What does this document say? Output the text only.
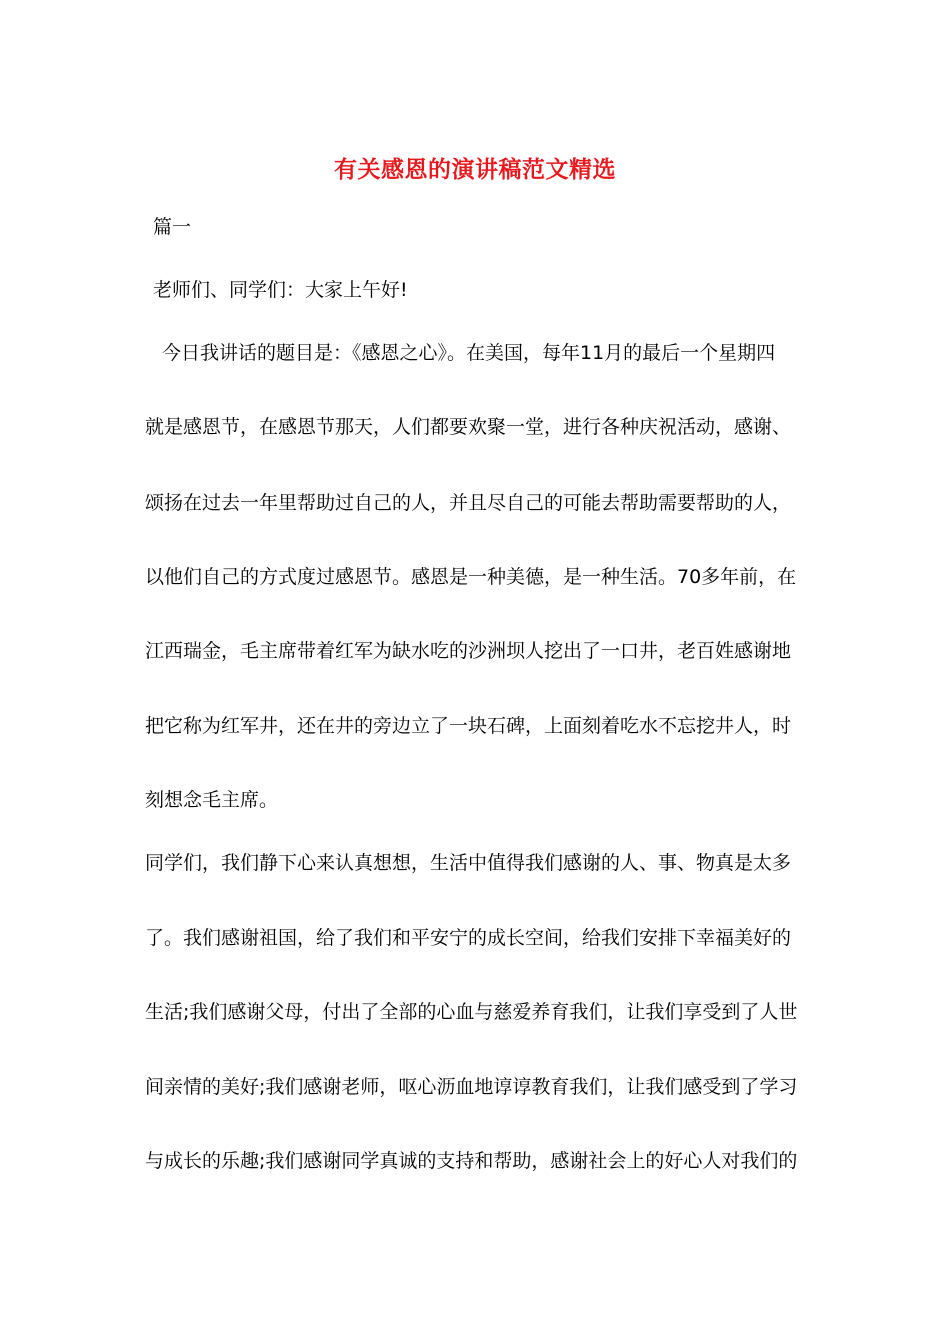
有关感恩的演讲稿范文精选
篇一
老师们、同学们：大家上午好!
今日我讲话的题目是：《感恩之心》。在美国，每年11月的最后一个星期四
就是感恩节，在感恩节那天，人们都要欢聚一堂，进行各种庆祝活动，感谢、
颂扬在过去一年里帮助过自己的人，并且尽自己的可能去帮助需要帮助的人，
以他们自己的方式度过感恩节。感恩是一种美德，是一种生活。70多年前，在
江西瑞金，毛主席带着红军为缺水吃的沙洲坝人挖出了一口井，老百姓感谢地
把它称为红军井，还在井的旁边立了一块石碑，上面刻着吃水不忘挖井人，时
刻想念毛主席。
同学们，我们静下心来认真想想，生活中值得我们感谢的人、事、物真是太多
了。我们感谢祖国，给了我们和平安宁的成长空间，给我们安排下幸福美好的
生活;我们感谢父母，付出了全部的心血与慈爱养育我们，让我们享受到了人世
间亲情的美好;我们感谢老师，呕心沥血地谆谆教育我们，让我们感受到了学习
与成长的乐趣;我们感谢同学真诚的支持和帮助，感谢社会上的好心人对我们的
